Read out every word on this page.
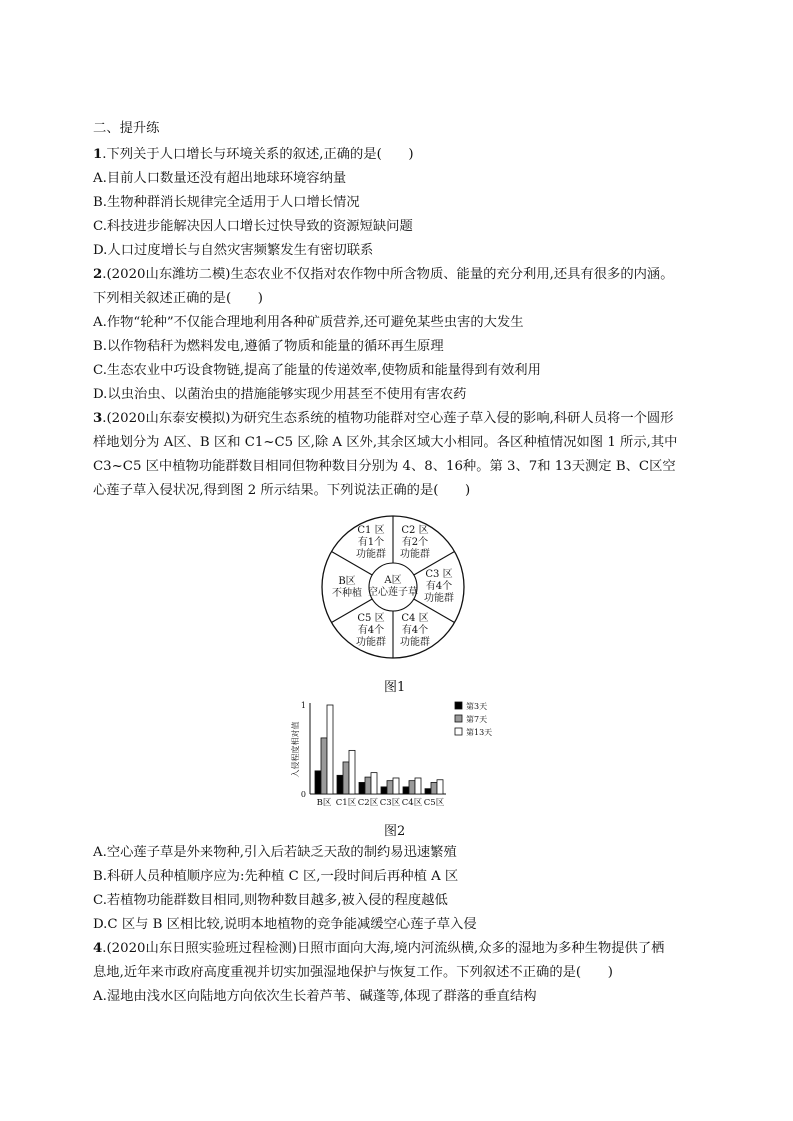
二、提升练
1.下列关于人口增长与环境关系的叙述,正确的是(　　)
A.目前人口数量还没有超出地球环境容纳量
B.生物种群消长规律完全适用于人口增长情况
C.科技进步能解决因人口增长过快导致的资源短缺问题
D.人口过度增长与自然灾害频繁发生有密切联系
2.(2020山东潍坊二模)生态农业不仅指对农作物中所含物质、能量的充分利用,还具有很多的内涵。
下列相关叙述正确的是(　　)
A.作物“轮种”不仅能合理地利用各种矿质营养,还可避免某些虫害的大发生
B.以作物秸秆为燃料发电,遵循了物质和能量的循环再生原理
C.生态农业中巧设食物链,提高了能量的传递效率,使物质和能量得到有效利用
D.以虫治虫、以菌治虫的措施能够实现少用甚至不使用有害农药
3.(2020山东泰安模拟)为研究生态系统的植物功能群对空心莲子草入侵的影响,科研人员将一个圆形
样地划分为 A区、B 区和 C1~C5 区,除 A 区外,其余区域大小相同。各区种植情况如图 1 所示,其中
C3~C5 区中植物功能群数目相同但物种数目分别为 4、8、16种。第 3、7和 13天测定 B、C区空
心莲子草入侵状况,得到图 2 所示结果。下列说法正确的是(　　)
A区
空心莲子草
C1 区
有1个
功能群
C2 区
有2个
功能群
C3 区
有4个
功能群
C4 区
有4个
功能群
C5 区
有4个
功能群
B区
不种植
图1
0
1
入侵程度相对值
B区 C1区 C2区 C3区 C4区 C5区
第3天
第7天
第13天
图2
A.空心莲子草是外来物种,引入后若缺乏天敌的制约易迅速繁殖
B.科研人员种植顺序应为:先种植 C 区,一段时间后再种植 A 区
C.若植物功能群数目相同,则物种数目越多,被入侵的程度越低
D.C 区与 B 区相比较,说明本地植物的竞争能减缓空心莲子草入侵
4.(2020山东日照实验班过程检测)日照市面向大海,境内河流纵横,众多的湿地为多种生物提供了栖
息地,近年来市政府高度重视并切实加强湿地保护与恢复工作。下列叙述不正确的是(　　)
A.湿地由浅水区向陆地方向依次生长着芦苇、碱蓬等,体现了群落的垂直结构
